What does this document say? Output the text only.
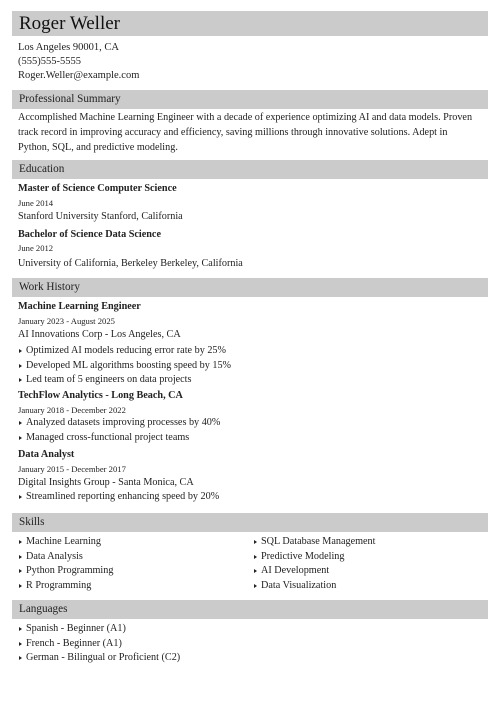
Roger Weller
Los Angeles 90001, CA
(555)555-5555
Roger.Weller@example.com
Professional Summary
Accomplished Machine Learning Engineer with a decade of experience optimizing AI and data models. Proven track record in improving accuracy and efficiency, saving millions through innovative solutions. Adept in Python, SQL, and predictive modeling.
Education
Master of Science Computer Science
June 2014
Stanford University Stanford, California
Bachelor of Science Data Science
June 2012
University of California, Berkeley Berkeley, California
Work History
Machine Learning Engineer
January 2023 - August 2025
AI Innovations Corp - Los Angeles, CA
Optimized AI models reducing error rate by 25%
Developed ML algorithms boosting speed by 15%
Led team of 5 engineers on data projects
TechFlow Analytics - Long Beach, CA
January 2018 - December 2022
Analyzed datasets improving processes by 40%
Managed cross-functional project teams
Data Analyst
January 2015 - December 2017
Digital Insights Group - Santa Monica, CA
Streamlined reporting enhancing speed by 20%
Skills
Machine Learning
Data Analysis
Python Programming
R Programming
SQL Database Management
Predictive Modeling
AI Development
Data Visualization
Languages
Spanish - Beginner (A1)
French - Beginner (A1)
German - Bilingual or Proficient (C2)
